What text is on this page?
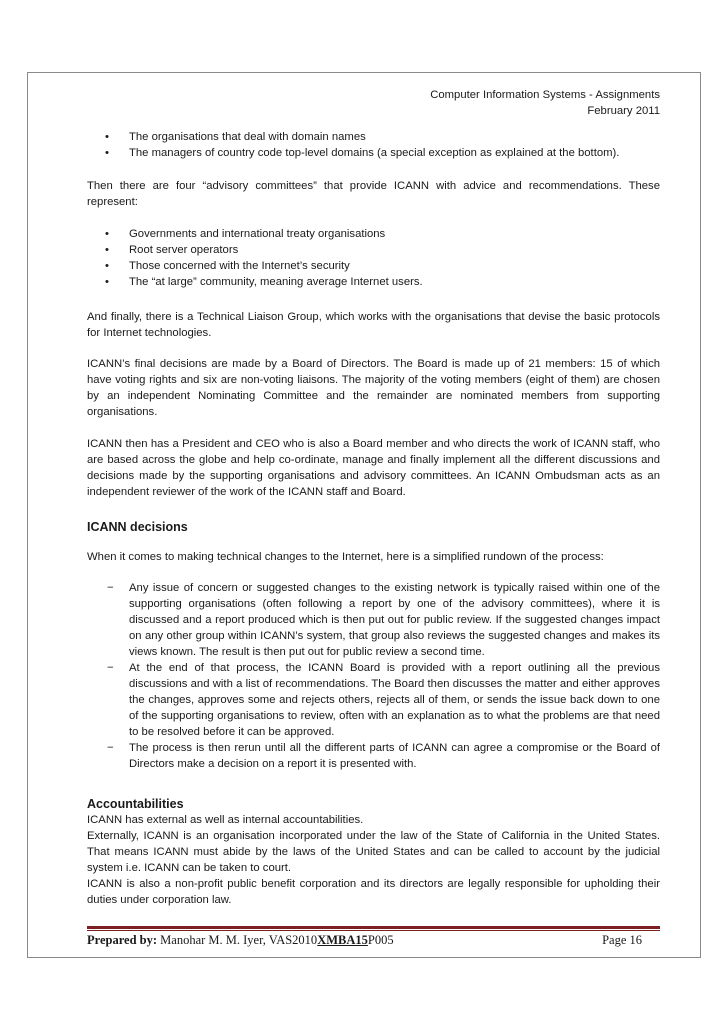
Computer Information Systems - Assignments
February 2011
• The organisations that deal with domain names
• The managers of country code top-level domains (a special exception as explained at the bottom).

Then there are four “advisory committees” that provide ICANN with advice and recommendations. These represent:

• Governments and international treaty organisations
• Root server operators
• Those concerned with the Internet’s security
• The “at large” community, meaning average Internet users.

And finally, there is a Technical Liaison Group, which works with the organisations that devise the basic protocols for Internet technologies.

ICANN’s final decisions are made by a Board of Directors. The Board is made up of 21 members: 15 of which have voting rights and six are non-voting liaisons. The majority of the voting members (eight of them) are chosen by an independent Nominating Committee and the remainder are nominated members from supporting organisations.

ICANN then has a President and CEO who is also a Board member and who directs the work of ICANN staff, who are based across the globe and help co-ordinate, manage and finally implement all the different discussions and decisions made by the supporting organisations and advisory committees. An ICANN Ombudsman acts as an independent reviewer of the work of the ICANN staff and Board.

ICANN decisions

When it comes to making technical changes to the Internet, here is a simplified rundown of the process:

− Any issue of concern or suggested changes to the existing network is typically raised within one of the supporting organisations (often following a report by one of the advisory committees), where it is discussed and a report produced which is then put out for public review. If the suggested changes impact on any other group within ICANN’s system, that group also reviews the suggested changes and makes its views known. The result is then put out for public review a second time.
− At the end of that process, the ICANN Board is provided with a report outlining all the previous discussions and with a list of recommendations. The Board then discusses the matter and either approves the changes, approves some and rejects others, rejects all of them, or sends the issue back down to one of the supporting organisations to review, often with an explanation as to what the problems are that need to be resolved before it can be approved.
− The process is then rerun until all the different parts of ICANN can agree a compromise or the Board of Directors make a decision on a report it is presented with.
Accountabilities

ICANN has external as well as internal accountabilities.

Externally, ICANN is an organisation incorporated under the law of the State of California in the United States. That means ICANN must abide by the laws of the United States and can be called to account by the judicial system i.e. ICANN can be taken to court.

ICANN is also a non-profit public benefit corporation and its directors are legally responsible for upholding their duties under corporation law.

Prepared by: Manohar M. M. Iyer, VAS2010XMBA15P005	Page 16
